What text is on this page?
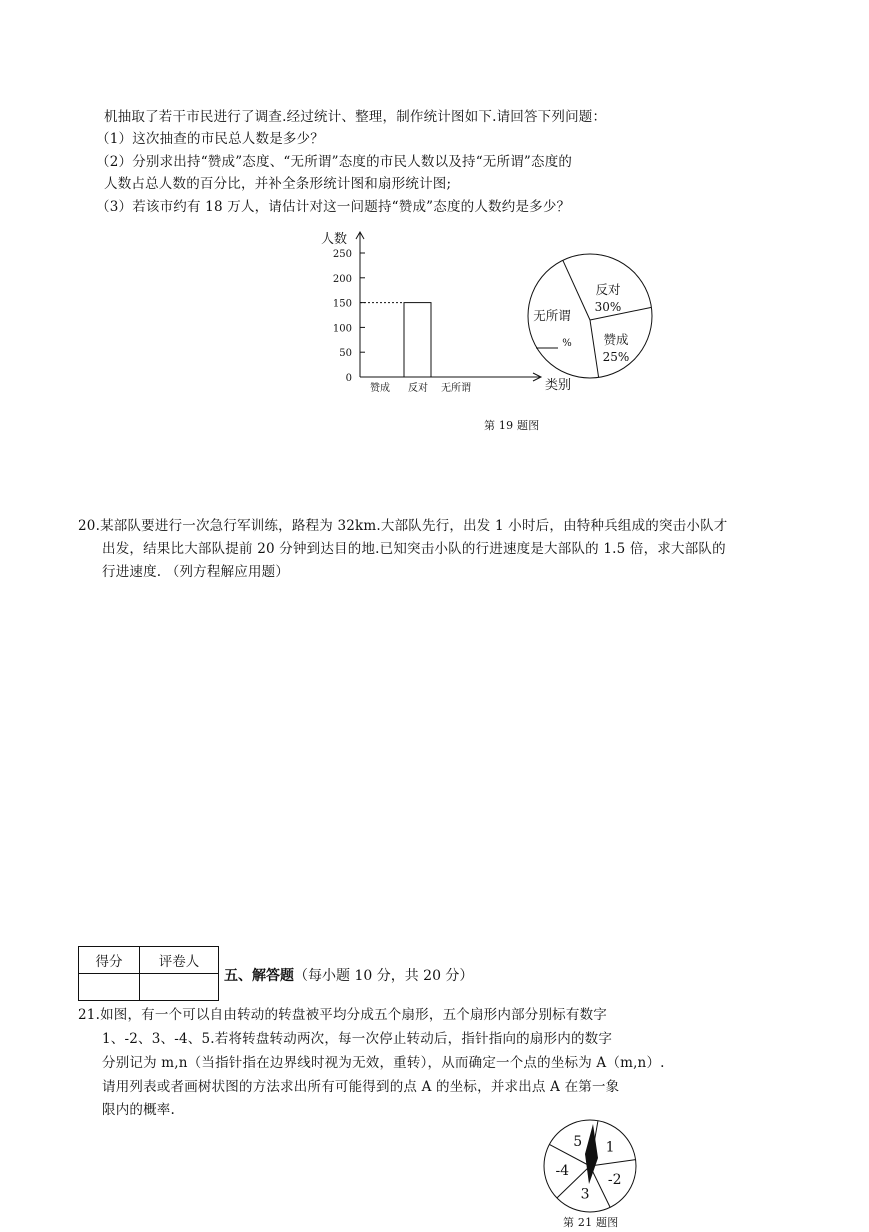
机抽取了若干市民进行了调查.经过统计、整理，制作统计图如下.请回答下列问题：
（1）这次抽查的市民总人数是多少？
（2）分别求出持“赞成”态度、“无所谓”态度的市民人数以及持“无所谓”态度的
人数占总人数的百分比，并补全条形统计图和扇形统计图;
（3）若该市约有 18 万人，请估计对这一问题持“赞成”态度的人数约是多少？
人数
类别
0
50
100
150
200
250
赞成 反对 无所谓
反对
30%
赞成
25%
无所谓
%
第 19 题图
20.某部队要进行一次急行军训练，路程为 32km.大部队先行，出发 1 小时后，由特种兵组成的突击小队才
出发，结果比大部队提前 20 分钟到达目的地.已知突击小队的行进速度是大部队的 1.5 倍，求大部队的
行进速度. （列方程解应用题）
得分	评卷人

五、解答题（每小题 10 分，共 20 分）
21.如图，有一个可以自由转动的转盘被平均分成五个扇形，五个扇形内部分别标有数字
1、-2、3、-4、5.若将转盘转动两次，每一次停止转动后，指针指向的扇形内的数字
分别记为 m,n（当指针指在边界线时视为无效，重转），从而确定一个点的坐标为 A（m,n）.
请用列表或者画树状图的方法求出所有可能得到的点 A 的坐标，并求出点 A 在第一象
限内的概率.
1
-2
3
-4
5
第 21 题图
